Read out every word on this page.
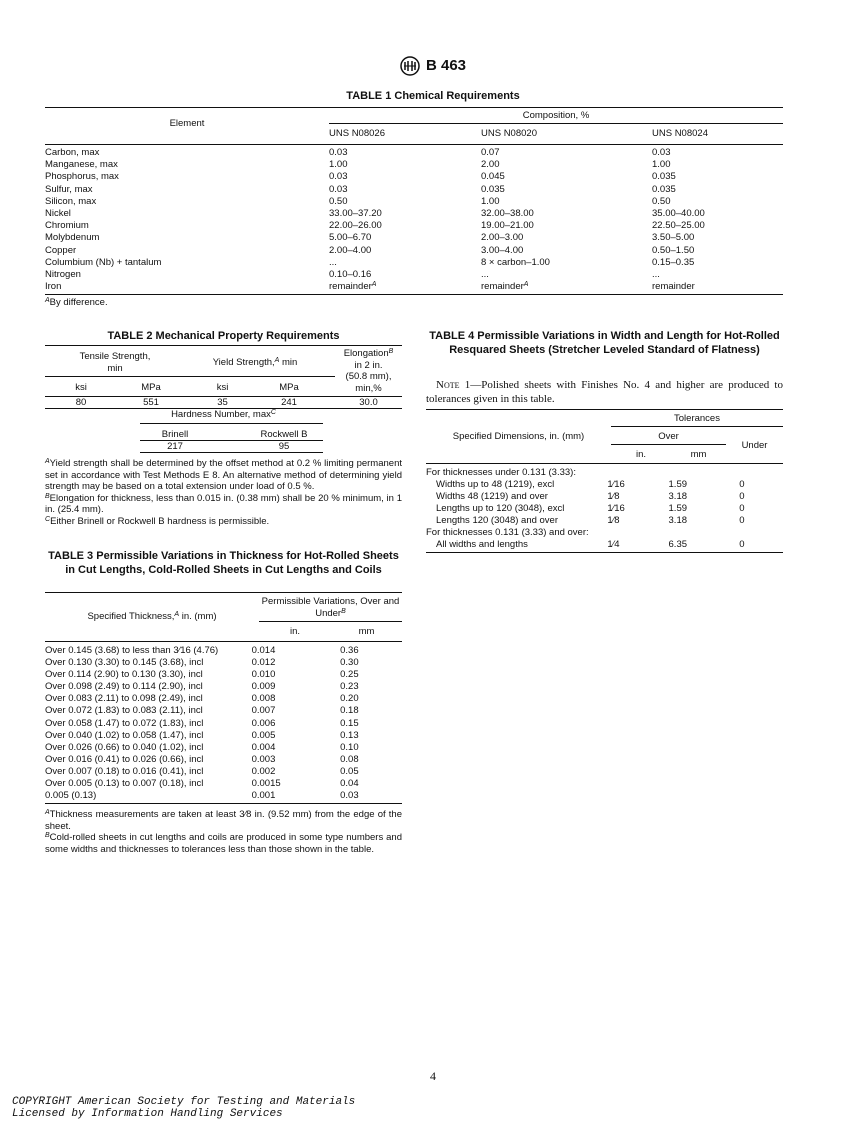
B 463
TABLE 1 Chemical Requirements
Element
Composition, %
UNS N08026	UNS N08020	UNS N08024
Carbon, max	0.03	0.07	0.03
Manganese, max	1.00	2.00	1.00
Phosphorus, max	0.03	0.045	0.035
Sulfur, max	0.03	0.035	0.035
Silicon, max	0.50	1.00	0.50
Nickel	33.00–37.20	32.00–38.00	35.00–40.00
Chromium	22.00–26.00	19.00–21.00	22.50–25.00
Molybdenum	5.00–6.70	2.00–3.00	3.50–5.00
Copper	2.00–4.00	3.00–4.00	0.50–1.50
Columbium (Nb) + tantalum	...	8 × carbon–1.00	0.15–0.35
Nitrogen	0.10–0.16	...	...
Iron	remainder$^A$	remainder$^A$	remainder
$^A$By difference.
TABLE 2 Mechanical Property Requirements
Tensile Strength,
min
Yield Strength,$^A$ min
Elongation$^B$
in 2 in.
(50.8 mm),
min,%
ksi	MPa	ksi	MPa
80	551	35	241	30.0
Hardness Number, $\max^C$
Brinell	Rockwell B
217	95
$^A$Yield strength shall be determined by the offset method at 0.2 % limiting permanent set in accordance with Test Methods E 8. An alternative method of determining yield strength may be based on a total extension under load of 0.5 %.
$^B$Elongation for thickness, less than 0.015 in. (0.38 mm) shall be 20 % minimum, in 1 in. (25.4 mm).
$^C$Either Brinell or Rockwell B hardness is permissible.
TABLE 3 Permissible Variations in Thickness for Hot-Rolled Sheets in Cut Lengths, Cold-Rolled Sheets in Cut Lengths and Coils
Specified Thickness,$^A$ in. (mm)
Permissible Variations, Over and Under$^B$
in.	mm
Over 0.145 (3.68) to less than 3⁄16 (4.76)	0.014	0.36
Over 0.130 (3.30) to 0.145 (3.68), incl	0.012	0.30
Over 0.114 (2.90) to 0.130 (3.30), incl	0.010	0.25
Over 0.098 (2.49) to 0.114 (2.90), incl	0.009	0.23
Over 0.083 (2.11) to 0.098 (2.49), incl	0.008	0.20
Over 0.072 (1.83) to 0.083 (2.11), incl	0.007	0.18
Over 0.058 (1.47) to 0.072 (1.83), incl	0.006	0.15
Over 0.040 (1.02) to 0.058 (1.47), incl	0.005	0.13
Over 0.026 (0.66) to 0.040 (1.02), incl	0.004	0.10
Over 0.016 (0.41) to 0.026 (0.66), incl	0.003	0.08
Over 0.007 (0.18) to 0.016 (0.41), incl	0.002	0.05
Over 0.005 (0.13) to 0.007 (0.18), incl	0.0015	0.04
0.005 (0.13)	0.001	0.03
$^A$Thickness measurements are taken at least 3⁄8 in. (9.52 mm) from the edge of the sheet.
$^B$Cold-rolled sheets in cut lengths and coils are produced in some type numbers and some widths and thicknesses to tolerances less than those shown in the table.
TABLE 4 Permissible Variations in Width and Length for Hot-Rolled Resquared Sheets (Stretcher Leveled Standard of Flatness)
Note 1—Polished sheets with Finishes No. 4 and higher are produced to tolerances given in this table.
Specified Dimensions, in. (mm)
Tolerances
Over
Under
in.	mm
For thicknesses under 0.131 (3.33):			
Widths up to 48 (1219), excl	1⁄16	1.59	0
Widths 48 (1219) and over	1⁄8	3.18	0
Lengths up to 120 (3048), excl	1⁄16	1.59	0
Lengths 120 (3048) and over	1⁄8	3.18	0
For thicknesses 0.131 (3.33) and over:			
All widths and lengths	1⁄4	6.35	0
4
COPYRIGHT American Society for Testing and Materials
Licensed by Information Handling Services
